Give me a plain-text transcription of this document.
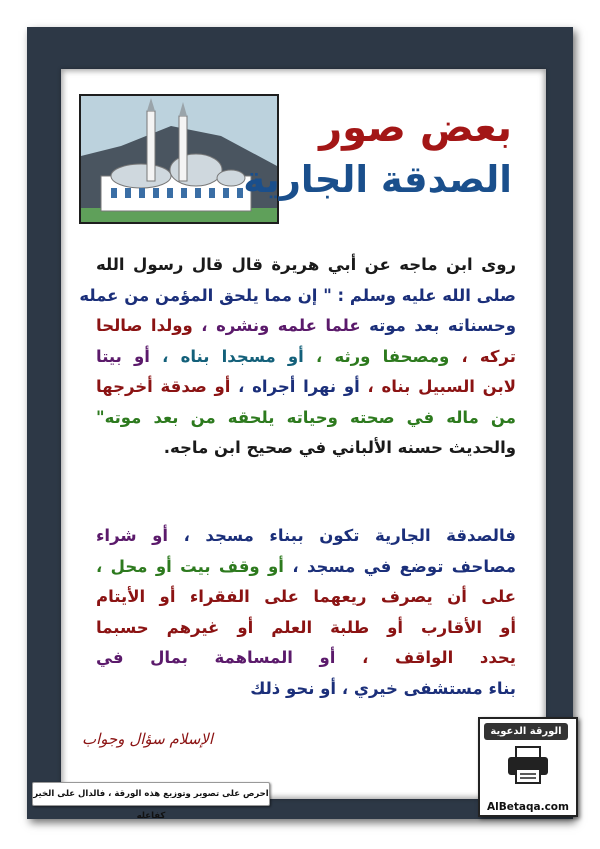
بعض صور
الصدقة الجارية
روى ابن ماجه عن أبي هريرة قال قال رسول الله
صلى الله عليه وسلم : " إن مما يلحق المؤمن من عمله
وحسناته بعد موته علما علمه ونشره ، وولدا صالحا
تركه ، ومصحفا ورثه ، أو مسجدا بناه ، أو بيتا
لابن السبيل بناه ، أو نهرا أجراه ، أو صدقة أخرجها
من ماله في صحته وحياته يلحقه من بعد موته"
والحديث حسنه الألباني في صحيح ابن ماجه.
فالصدقة الجارية تكون ببناء مسجد ، أو شراء
مصاحف توضع في مسجد ، أو وقف بيت أو محل ،
على أن يصرف ريعهما على الفقراء أو الأيتام
أو الأقارب أو طلبة العلم أو غيرهم حسبما
يحدد الواقف ، أو المساهمة بمال في
بناء مستشفى خيري ، أو نحو ذلك
الإسلام سؤال وجواب
احرص على تصوير وتوزيع هذه الورقة ، فالدال على الخير كفاعله
الورقة الدعوية
AlBetaqa.com
